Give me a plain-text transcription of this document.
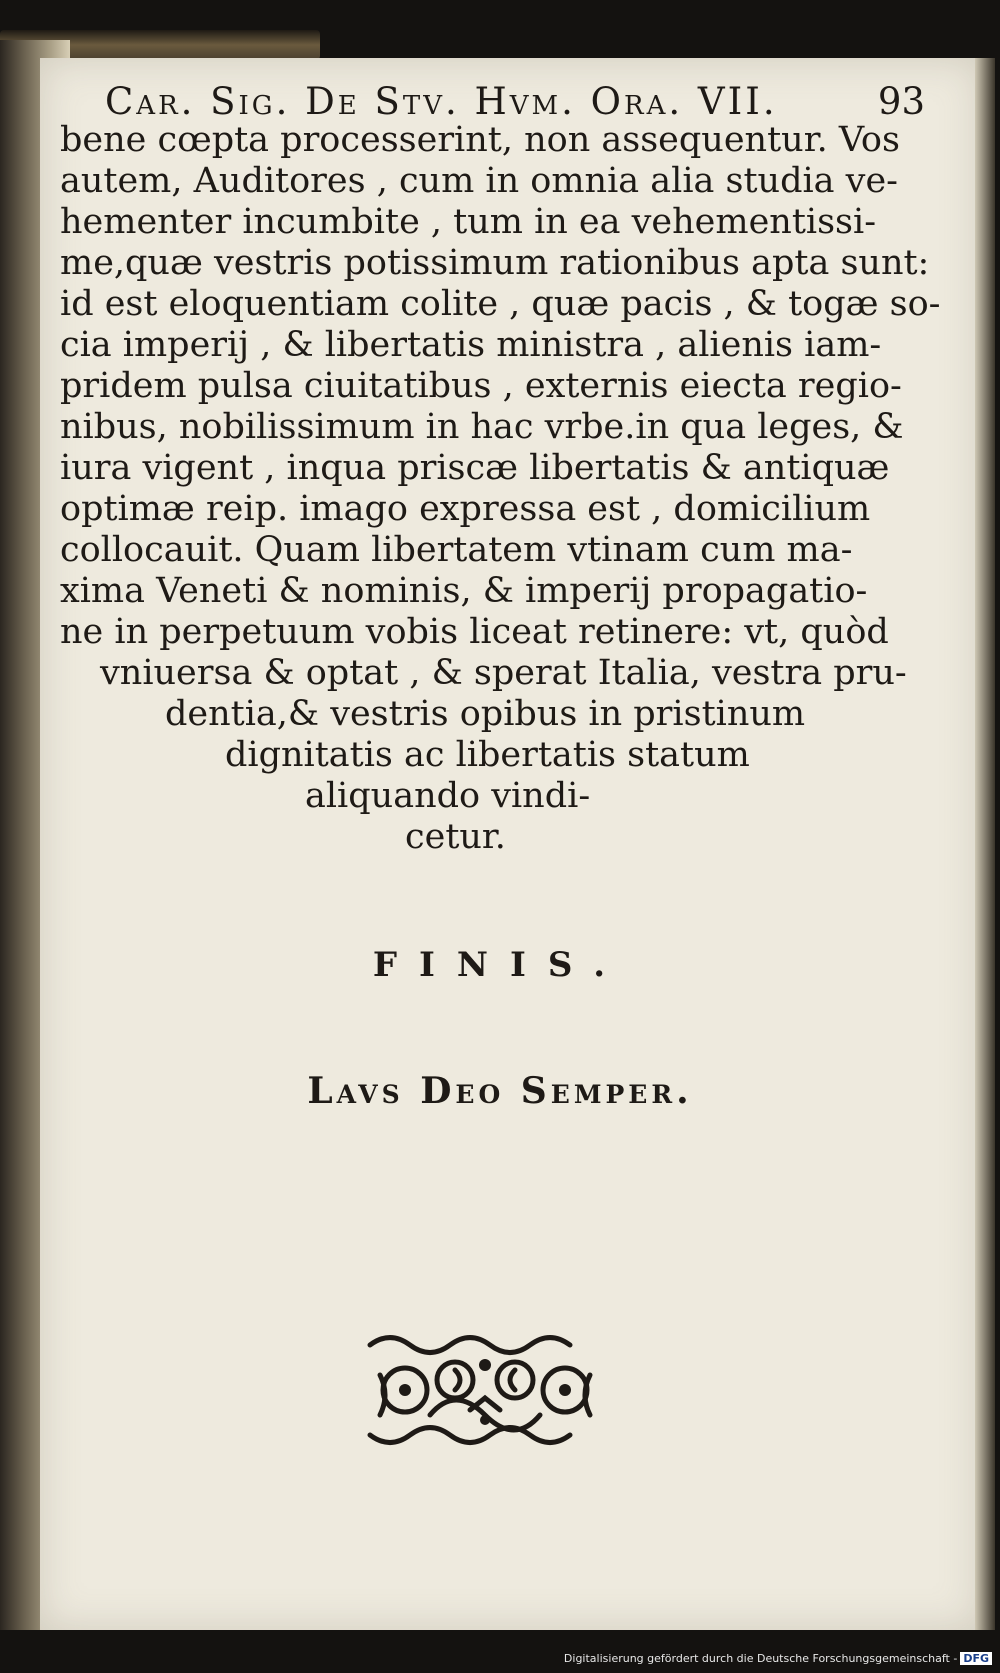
Car. Sig. De Stv. Hvm. Ora. VII.	93
bene cœpta processerint, non assequentur. Vos
autem, Auditores , cum in omnia alia studia ve-
hementer incumbite , tum in ea vehementissi-
me,quæ vestris potissimum rationibus apta sunt:
id est eloquentiam colite , quæ pacis , & togæ so-
cia imperij , & libertatis ministra , alienis iam-
pridem pulsa ciuitatibus , externis eiecta regio-
nibus, nobilissimum in hac vrbe.in qua leges, &
iura vigent , inqua priscæ libertatis & antiquæ
optimæ reip. imago expressa est , domicilium
collocauit. Quam libertatem vtinam cum ma-
xima Veneti & nominis, & imperij propagatio-
ne in perpetuum vobis liceat retinere: vt, quòd
vniuersa & optat , & sperat Italia, vestra pru-
dentia,& vestris opibus in pristinum
dignitatis ac libertatis statum
aliquando vindi-
cetur.
FINIS.
Lavs Deo Semper.
Digitalisierung gefördert durch die Deutsche Forschungsgemeinschaft - DFG
